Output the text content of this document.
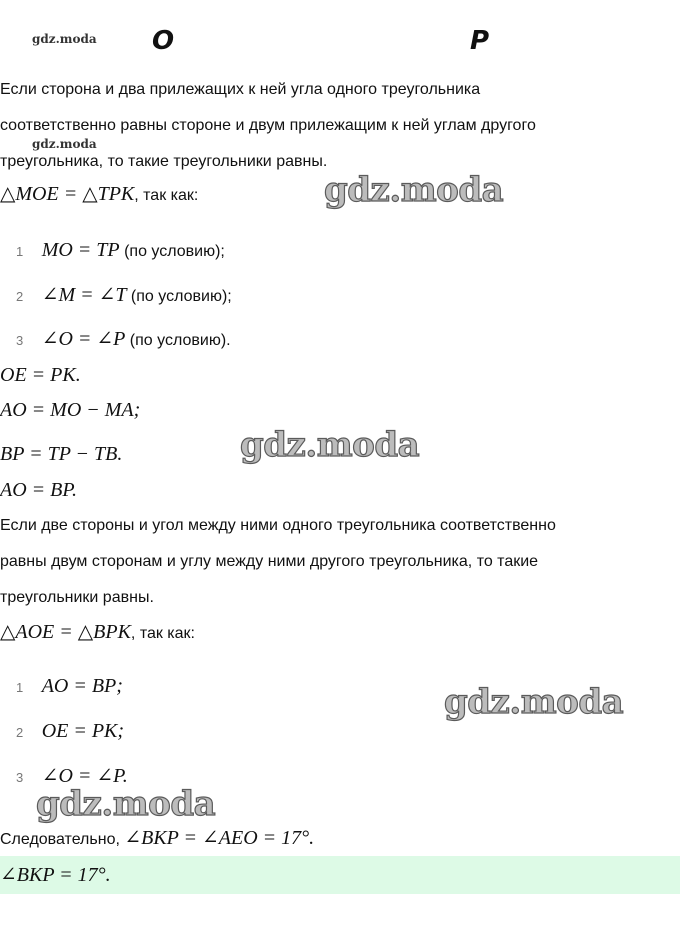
gdz.moda O	P
Если сторона и два прилежащих к ней угла одного треугольника
соответственно равны стороне и двум прилежащим к ней углам другого
gdz.moda
треугольника, то такие треугольники равны.
△MOE = △TPK, так как:	gdz.moda
1 MO = TP (по условию);
2 ∠M = ∠T (по условию);
3 ∠O = ∠P (по условию).
OE = PK.
AO = MO − MA;
gdz.moda
BP = TP − TB.
AO = BP.
Если две стороны и угол между ними одного треугольника соответственно
равны двум сторонам и углу между ними другого треугольника, то такие
треугольники равны.
△AOE = △BPK, так как:
1 AO = BP;	gdz.moda
2 OE = PK;
3 ∠O = ∠P.
gdz.moda
Следовательно, ∠BKP = ∠AEO = 17°.
∠BKP = 17°.
